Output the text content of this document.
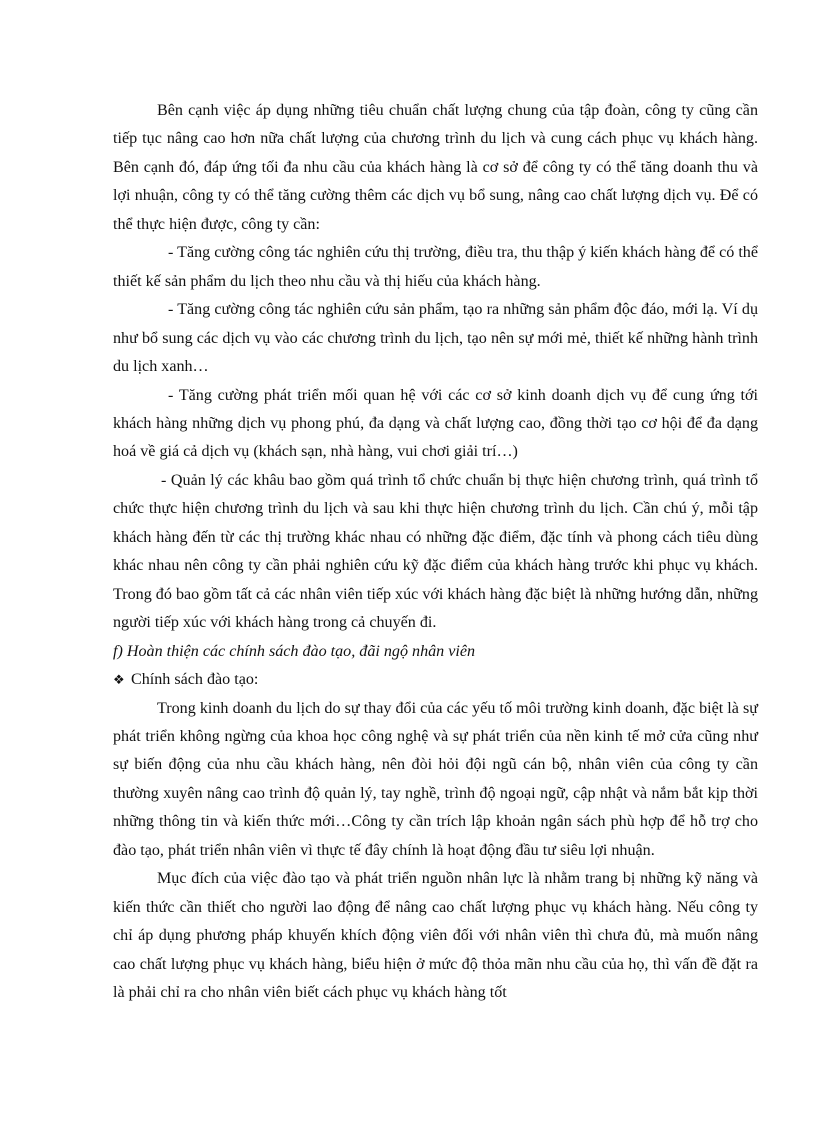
Bên cạnh việc áp dụng những tiêu chuẩn chất lượng chung của tập đoàn, công ty cũng cần tiếp tục nâng cao hơn nữa chất lượng của chương trình du lịch và cung cách phục vụ khách hàng. Bên cạnh đó, đáp ứng tối đa nhu cầu của khách hàng là cơ sở để công ty có thể tăng doanh thu và lợi nhuận, công ty có thể tăng cường thêm các dịch vụ bổ sung, nâng cao chất lượng dịch vụ. Để có thể thực hiện được, công ty cần:

- Tăng cường công tác nghiên cứu thị trường, điều tra, thu thập ý kiến khách hàng để có thể thiết kế sản phẩm du lịch theo nhu cầu và thị hiếu của khách hàng.

- Tăng cường công tác nghiên cứu sản phẩm, tạo ra những sản phẩm độc đáo, mới lạ. Ví dụ như bổ sung các dịch vụ vào các chương trình du lịch, tạo nên sự mới mẻ, thiết kế những hành trình du lịch xanh…

- Tăng cường phát triển mối quan hệ với các cơ sở kinh doanh dịch vụ để cung ứng tới khách hàng những dịch vụ phong phú, đa dạng và chất lượng cao, đồng thời tạo cơ hội để đa dạng hoá về giá cả dịch vụ (khách sạn, nhà hàng, vui chơi giải trí…)

- Quản lý các khâu bao gồm quá trình tổ chức chuẩn bị thực hiện chương trình, quá trình tổ chức thực hiện chương trình du lịch và sau khi thực hiện chương trình du lịch. Cần chú ý, mỗi tập khách hàng đến từ các thị trường khác nhau có những đặc điểm, đặc tính và phong cách tiêu dùng khác nhau nên công ty cần phải nghiên cứu kỹ đặc điểm của khách hàng trước khi phục vụ khách. Trong đó bao gồm tất cả các nhân viên tiếp xúc với khách hàng đặc biệt là những hướng dẫn, những người tiếp xúc với khách hàng trong cả chuyến đi.

f) Hoàn thiện các chính sách đào tạo, đãi ngộ nhân viên

❖ Chính sách đào tạo:

Trong kinh doanh du lịch do sự thay đổi của các yếu tố môi trường kinh doanh, đặc biệt là sự phát triển không ngừng của khoa học công nghệ và sự phát triển của nền kinh tế mở cửa cũng như sự biến động của nhu cầu khách hàng, nên đòi hỏi đội ngũ cán bộ, nhân viên của công ty cần thường xuyên nâng cao trình độ quản lý, tay nghề, trình độ ngoại ngữ, cập nhật và nắm bắt kịp thời những thông tin và kiến thức mới…Công ty cần trích lập khoản ngân sách phù hợp để hỗ trợ cho đào tạo, phát triển nhân viên vì thực tế đây chính là hoạt động đầu tư siêu lợi nhuận.

Mục đích của việc đào tạo và phát triển nguồn nhân lực là nhằm trang bị những kỹ năng và kiến thức cần thiết cho người lao động để nâng cao chất lượng phục vụ khách hàng. Nếu công ty chỉ áp dụng phương pháp khuyến khích động viên đối với nhân viên thì chưa đủ, mà muốn nâng cao chất lượng phục vụ khách hàng, biểu hiện ở mức độ thỏa mãn nhu cầu của họ, thì vấn đề đặt ra là phải chỉ ra cho nhân viên biết cách phục vụ khách hàng tốt
